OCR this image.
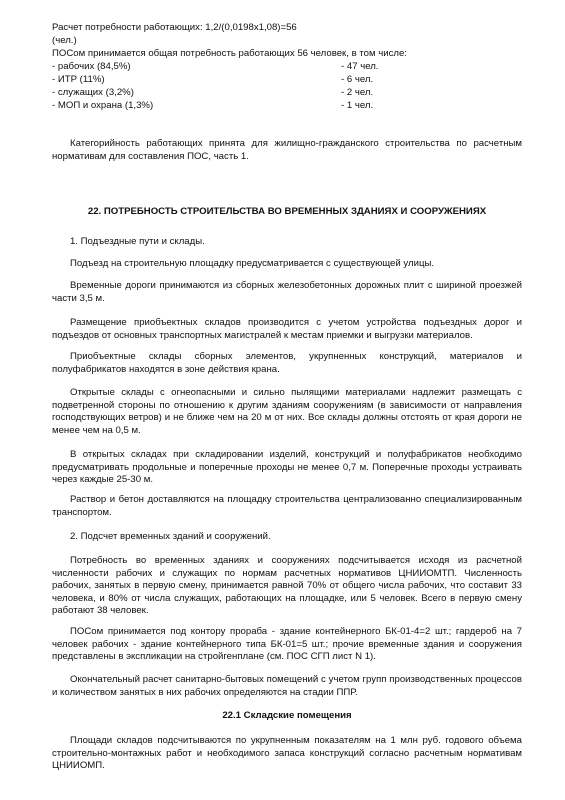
Расчет потребности работающих: 1,2/(0,0198х1,08)=56

(чел.)

ПОСом принимается общая потребность работающих 56 человек, в том числе:

- рабочих (84,5%)	- 47 чел.
- ИТР (11%)	- 6 чел.
- служащих (3,2%)	- 2 чел.
- МОП и охрана (1,3%)	- 1 чел.

Категорийность работающих принята для жилищно-гражданского строительства по расчетным нормативам для составления ПОС, часть 1.

22. ПОТРЕБНОСТЬ СТРОИТЕЛЬСТВА ВО ВРЕМЕННЫХ ЗДАНИЯХ И СООРУЖЕНИЯХ

1. Подъездные пути и склады.

Подъезд на строительную площадку предусматривается с существующей улицы.

Временные дороги принимаются из сборных железобетонных дорожных плит с шириной проезжей части 3,5 м.

Размещение приобъектных складов производится с учетом устройства подъездных дорог и подъездов от основных транспортных магистралей к местам приемки и выгрузки материалов.

Приобъектные склады сборных элементов, укрупненных конструкций, материалов и полуфабрикатов находятся в зоне действия крана.

Открытые склады с огнеопасными и сильно пылящими материалами надлежит размещать с подветренной стороны по отношению к другим зданиям сооружениям (в зависимости от направления господствующих ветров) и не ближе чем на 20 м от них. Все склады должны отстоять от края дороги не менее чем на 0,5 м.

В открытых складах при складировании изделий, конструкций и полуфабрикатов необходимо предусматривать продольные и поперечные проходы не менее 0,7 м. Поперечные проходы устраивать через каждые 25-30 м.

Раствор и бетон доставляются на площадку строительства централизованно специализированным транспортом.

2. Подсчет временных зданий и сооружений.

Потребность во временных зданиях и сооружениях подсчитывается исходя из расчетной численности рабочих и служащих по нормам расчетных нормативов ЦНИИОМТП. Численность рабочих, занятых в первую смену, принимается равной 70% от общего числа рабочих, что составит 33 человека, и 80% от числа служащих, работающих на площадке, или 5 человек. Всего в первую смену работают 38 человек.

ПОСом принимается под контору прораба - здание контейнерного БК-01-4=2 шт.; гардероб на 7 человек рабочих - здание контейнерного типа БК-01=5 шт.; прочие временные здания и сооружения представлены в экспликации на стройгенплане (см. ПОС СГП лист N 1).

Окончательный расчет санитарно-бытовых помещений с учетом групп производственных процессов и количеством занятых в них рабочих определяются на стадии ППР.

22.1 Складские помещения

Площади складов подсчитываются по укрупненным показателям на 1 млн руб. годового объема строительно-монтажных работ и необходимого запаса конструкций согласно расчетным нормативам ЦНИИОМП.
